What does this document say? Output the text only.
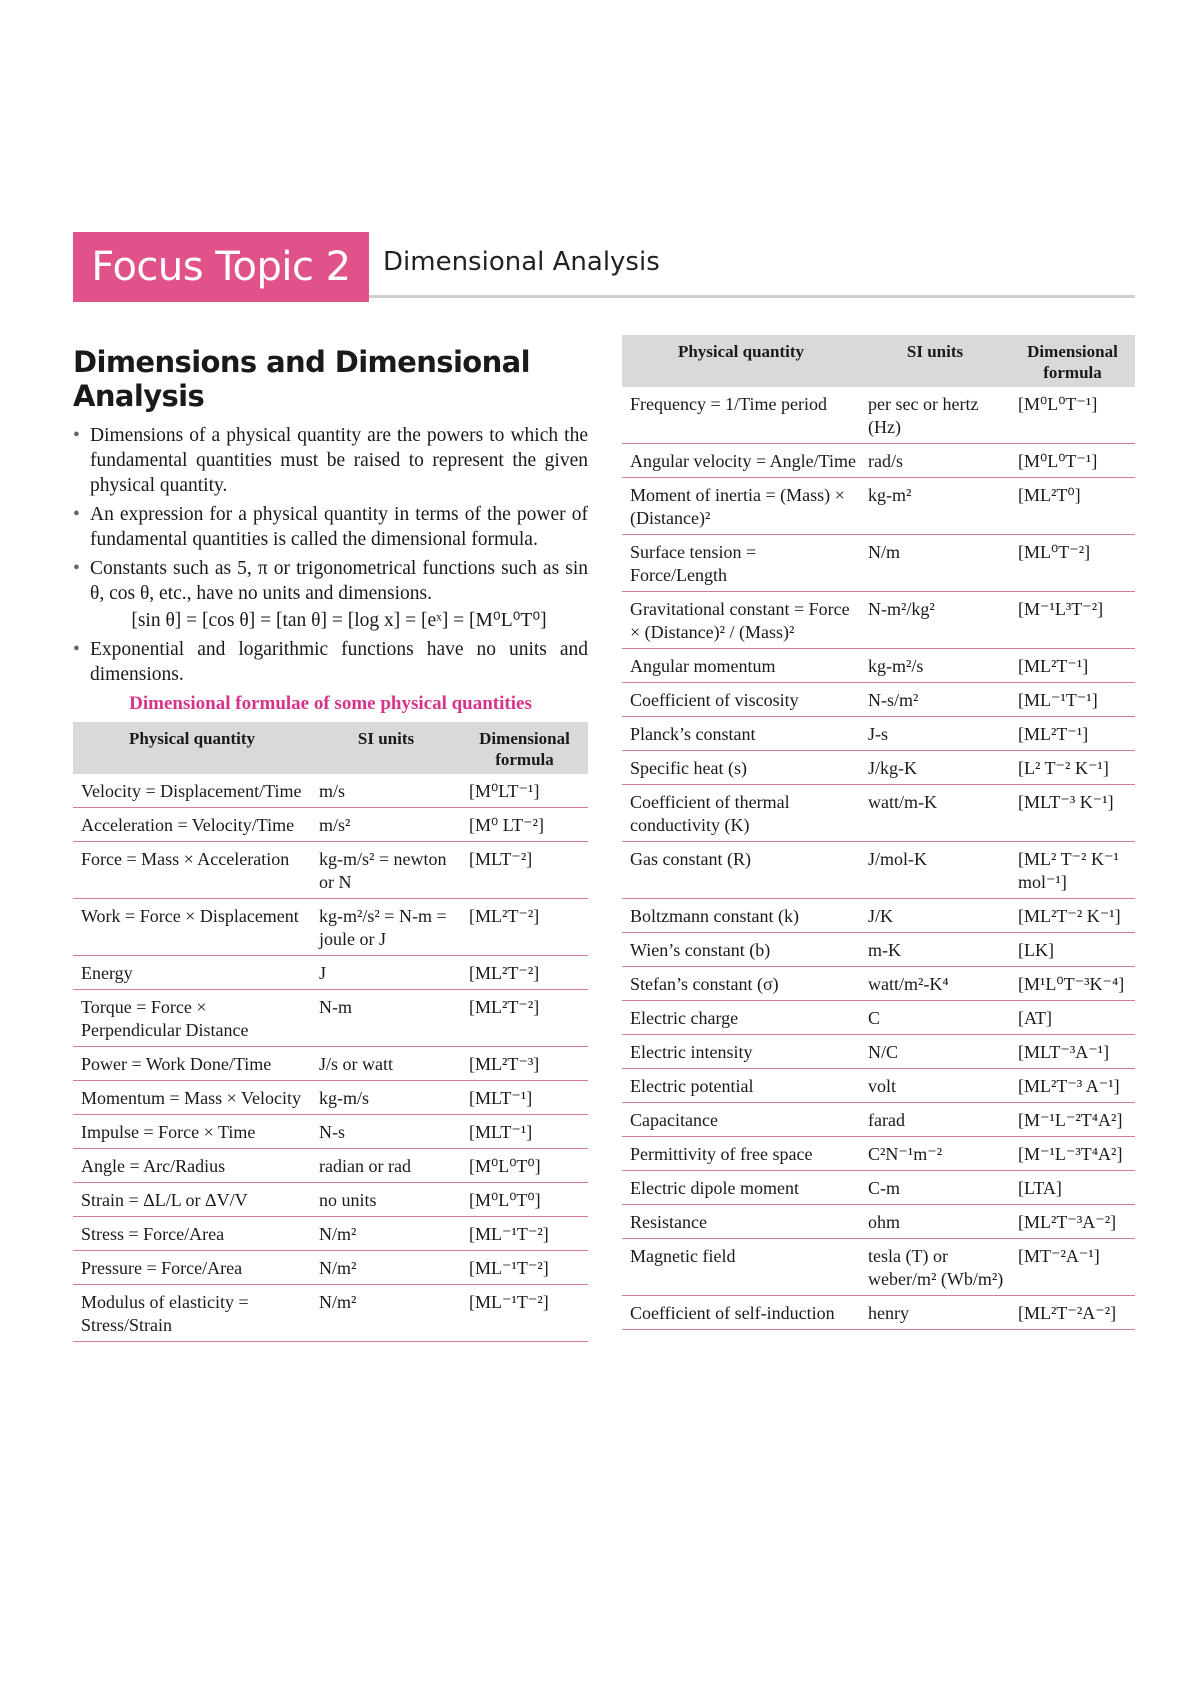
Focus Topic 2	Dimensional Analysis
Dimensions and Dimensional Analysis
• Dimensions of a physical quantity are the powers to which the fundamental quantities must be raised to represent the given physical quantity.
• An expression for a physical quantity in terms of the power of fundamental quantities is called the dimensional formula.
• Constants such as 5, π or trigonometrical functions such as sin θ, cos θ, etc., have no units and dimensions.
[sin θ] = [cos θ] = [tan θ] = [log x] = [eˣ] = [M⁰L⁰T⁰]
• Exponential and logarithmic functions have no units and dimensions.
Dimensional formulae of some physical quantities
Physical quantity	SI units	Dimensional formula
Velocity = Displacement/Time	m/s	[M⁰LT⁻¹]
Acceleration = Velocity/Time	m/s²	[M⁰ LT⁻²]
Force = Mass × Acceleration	kg-m/s² = newton or N	[MLT⁻²]
Work = Force × Displacement	kg-m²/s² = N-m = joule or J	[ML²T⁻²]
Energy	J	[ML²T⁻²]
Torque = Force × Perpendicular Distance	N-m	[ML²T⁻²]
Power = Work Done/Time	J/s or watt	[ML²T⁻³]
Momentum = Mass × Velocity	kg-m/s	[MLT⁻¹]
Impulse = Force × Time	N-s	[MLT⁻¹]
Angle = Arc/Radius	radian or rad	[M⁰L⁰T⁰]
Strain = ΔL/L or ΔV/V	no units	[M⁰L⁰T⁰]
Stress = Force/Area	N/m²	[ML⁻¹T⁻²]
Pressure = Force/Area	N/m²	[ML⁻¹T⁻²]
Modulus of elasticity = Stress/Strain	N/m²	[ML⁻¹T⁻²]
Physical quantity	SI units	Dimensional formula
Frequency = 1/Time period	per sec or hertz (Hz)	[M⁰L⁰T⁻¹]
Angular velocity = Angle/Time	rad/s	[M⁰L⁰T⁻¹]
Moment of inertia = (Mass) × (Distance)²	kg-m²	[ML²T⁰]
Surface tension = Force/Length	N/m	[ML⁰T⁻²]
Gravitational constant = Force × (Distance)² / (Mass)²	N-m²/kg²	[M⁻¹L³T⁻²]
Angular momentum	kg-m²/s	[ML²T⁻¹]
Coefficient of viscosity	N-s/m²	[ML⁻¹T⁻¹]
Planck’s constant	J-s	[ML²T⁻¹]
Specific heat (s)	J/kg-K	[L² T⁻² K⁻¹]
Coefficient of thermal conductivity (K)	watt/m-K	[MLT⁻³ K⁻¹]
Gas constant (R)	J/mol-K	[ML² T⁻² K⁻¹ mol⁻¹]
Boltzmann constant (k)	J/K	[ML²T⁻² K⁻¹]
Wien’s constant (b)	m-K	[LK]
Stefan’s constant (σ)	watt/m²-K⁴	[M¹L⁰T⁻³K⁻⁴]
Electric charge	C	[AT]
Electric intensity	N/C	[MLT⁻³A⁻¹]
Electric potential	volt	[ML²T⁻³ A⁻¹]
Capacitance	farad	[M⁻¹L⁻²T⁴A²]
Permittivity of free space	C²N⁻¹m⁻²	[M⁻¹L⁻³T⁴A²]
Electric dipole moment	C-m	[LTA]
Resistance	ohm	[ML²T⁻³A⁻²]
Magnetic field	tesla (T) or weber/m² (Wb/m²)	[MT⁻²A⁻¹]
Coefficient of self-induction	henry	[ML²T⁻²A⁻²]
